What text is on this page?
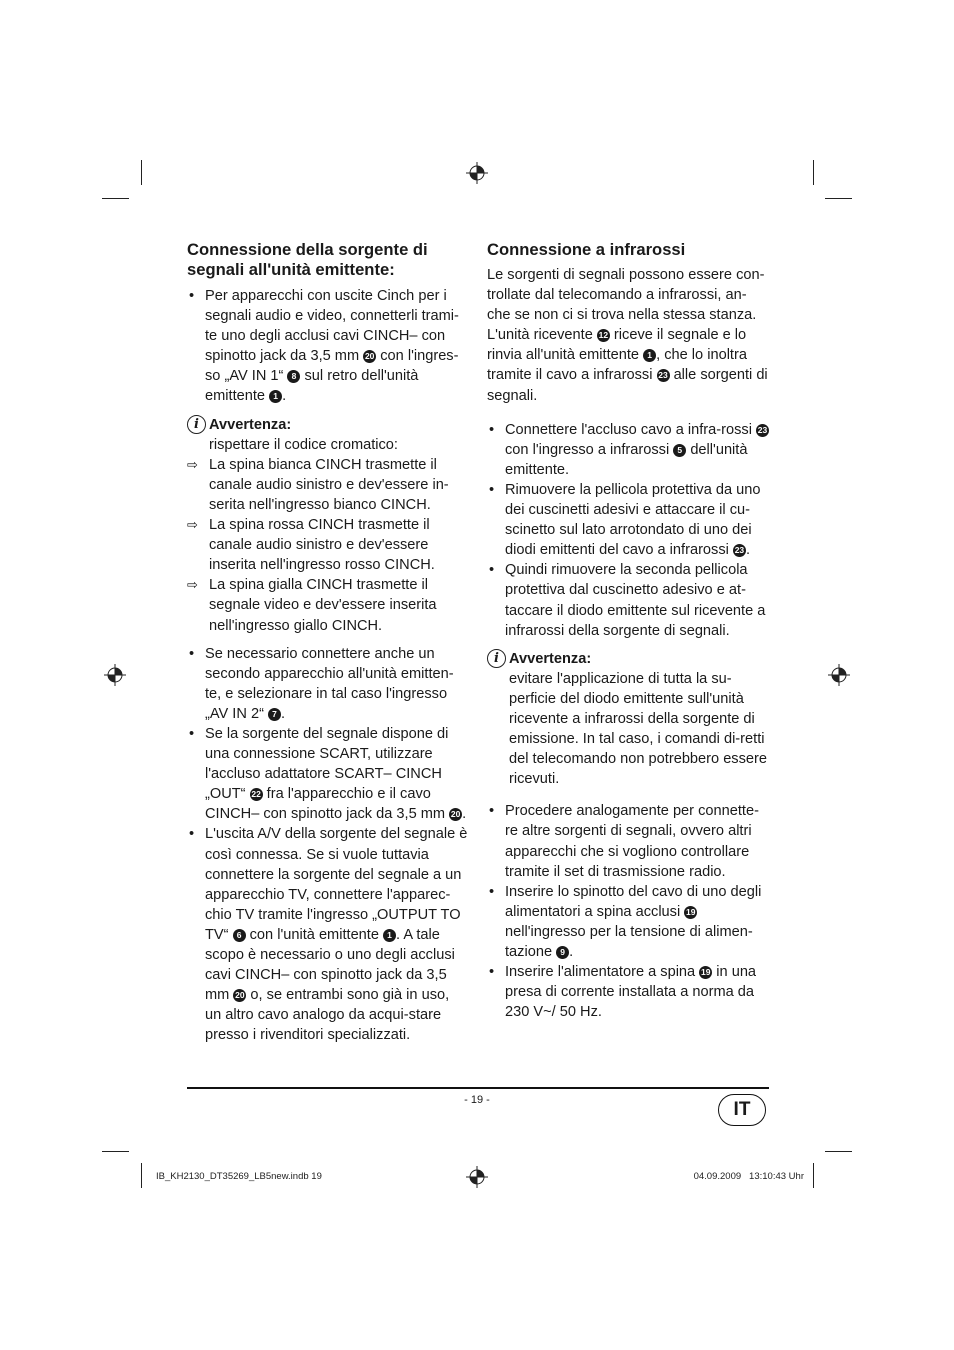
Connessione della sorgente di segnali all'unità emittente:
• Per apparecchi con uscite Cinch per i segnali audio e video, connetterli trami-te uno degli acclusi cavi CINCH– con spinotto jack da 3,5 mm 20 con l'ingres-so „AV IN 1“ 8 sul retro dell'unità emittente 1 .
i Avvertenza:
rispettare il codice cromatico:
⇨ La spina bianca CINCH trasmette il canale audio sinistro e dev'essere in-serita nell'ingresso bianco CINCH.
⇨ La spina rossa CINCH trasmette il canale audio sinistro e dev'essere inserita nell'ingresso rosso CINCH.
⇨ La spina gialla CINCH trasmette il segnale video e dev'essere inserita nell'ingresso giallo CINCH.
• Se necessario connettere anche un secondo apparecchio all'unità emitten-te, e selezionare in tal caso l'ingresso „AV IN 2“ 7 .
• Se la sorgente del segnale dispone di una connessione SCART, utilizzare l'accluso adattatore SCART– CINCH „OUT“ 22 fra l'apparecchio e il cavo CINCH– con spinotto jack da 3,5 mm 20 .
• L'uscita A/V della sorgente del segnale è così connessa. Se si vuole tuttavia connettere la sorgente del segnale a un apparecchio TV, connettere l'apparec-chio TV tramite l'ingresso „OUTPUT TO TV“ 6 con l'unità emittente 1 . A tale scopo è necessario o uno degli acclusi cavi CINCH– con spinotto jack da 3,5 mm 20 o, se entrambi sono già in uso, un altro cavo analogo da acqui-stare presso i rivenditori specializzati.
Connessione a infrarossi

Le sorgenti di segnali possono essere con-trollate dal telecomando a infrarossi, an-che se non ci si trova nella stessa stanza. L'unità ricevente 12 riceve il segnale e lo rinvia all'unità emittente 1 , che lo inoltra tramite il cavo a infrarossi 23 alle sorgenti di segnali.

• Connettere l'accluso cavo a infra-rossi 23 con l'ingresso a infrarossi 5 dell'unità emittente.
• Rimuovere la pellicola protettiva da uno dei cuscinetti adesivi e attaccare il cu-scinetto sul lato arrotondato di uno dei diodi emittenti del cavo a infrarossi 23 .
• Quindi rimuovere la seconda pellicola protettiva dal cuscinetto adesivo e at-taccare il diodo emittente sul ricevente a infrarossi della sorgente di segnali.
i Avvertenza:
evitare l'applicazione di tutta la su-perficie del diodo emittente sull'unità ricevente a infrarossi della sorgente di emissione. In tal caso, i comandi di-retti del telecomando non potrebbero essere ricevuti.
• Procedere analogamente per connette-re altre sorgenti di segnali, ovvero altri apparecchi che si vogliono controllare tramite il set di trasmissione radio.
• Inserire lo spinotto del cavo di uno degli alimentatori a spina acclusi 19 nell'ingresso per la tensione di alimen-tazione 9 .
• Inserire l'alimentatore a spina 19 in una presa di corrente installata a norma da 230 V~/ 50 Hz.
- 19 -	IT
IB_KH2130_DT35269_LB5new.indb 19	04.09.2009   13:10:43 Uhr
